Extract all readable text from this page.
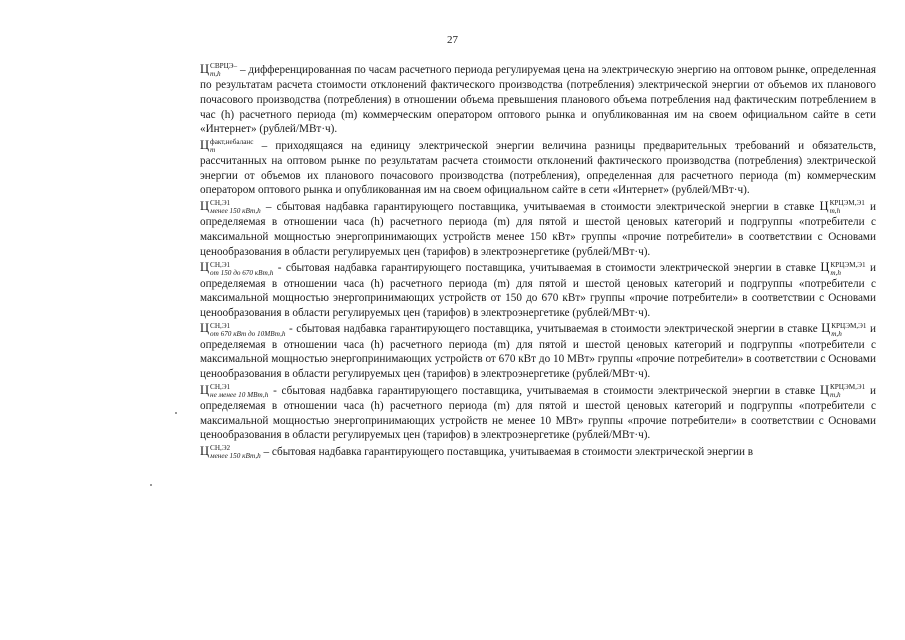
27

Ц СВРЦЭ–
m,h	– дифференцированная по часам расчетного периода регулируемая цена на электрическую энергию на оптовом рынке, определенная по результатам расчета стоимости отклонений фактического производства (потребления) электрической энергии от объемов их планового почасового производства (потребления) в отношении объема превышения планового объема потребления над фактическим потреблением в час (h) расчетного периода (m) коммерческим оператором оптового рынка и опубликованная им на своем официальном сайте в сети «Интернет» (рублей/МВт·ч).

Ц факт,небаланс
m	– приходящаяся на единицу электрической энергии величина разницы предварительных требований и обязательств, рассчитанных на оптовом рынке по результатам расчета стоимости отклонений фактического производства (потребления) электрической энергии от объемов их планового почасового производства (потребления), определенная для расчетного периода (m) коммерческим оператором оптового рынка и опубликованная им на своем официальном сайте в сети «Интернет» (рублей/МВт·ч).

Ц СН,Э1
менее 150 кВт,h – сбытовая надбавка гарантирующего поставщика, учитываемая в стоимости электрической энергии в ставке Ц КРЦЭМ,Э1
m,h	и определяемая в отношении часа (h) расчетного периода (m) для пятой и шестой ценовых категорий и подгруппы «потребители с максимальной мощностью энергопринимающих устройств менее 150 кВт» группы «прочие потребители» в соответствии с Основами ценообразования в области регулируемых цен (тарифов) в электроэнергетике (рублей/МВт·ч).

Ц СН,Э1
от 150 до 670 кВт,h - сбытовая надбавка гарантирующего поставщика, учитываемая в стоимости электрической энергии в ставке Ц КРЦЭМ,Э1
m,h	и определяемая в отношении часа (h) расчетного периода (m) для пятой и шестой ценовых категорий и подгруппы «потребители с максимальной мощностью энергопринимающих устройств от 150 до 670 кВт» группы «прочие потребители» в соответствии с Основами ценообразования в области регулируемых цен (тарифов) в электроэнергетике (рублей/МВт·ч).

Ц СН,Э1
от 670 кВт до 10МВт,h - сбытовая надбавка гарантирующего поставщика, учитываемая в стоимости электрической энергии в ставке Ц КРЦЭМ,Э1
m,h	и определяемая в отношении часа (h) расчетного периода (m) для пятой и шестой ценовых категорий и подгруппы «потребители с максимальной мощностью энергопринимающих устройств от 670 кВт до 10 МВт» группы «прочие потребители» в соответствии с Основами ценообразования в области регулируемых цен (тарифов) в электроэнергетике (рублей/МВт·ч).

Ц СН,Э1
не менее 10 МВт,h - сбытовая надбавка гарантирующего поставщика, учитываемая в стоимости электрической энергии в ставке Ц КРЦЭМ,Э1
m,h	и определяемая в отношении часа (h) расчетного периода (m) для пятой и шестой ценовых категорий и подгруппы «потребители с максимальной мощностью энергопринимающих устройств не менее 10 МВт» группы «прочие потребители» в соответствии с Основами ценообразования в области регулируемых цен (тарифов) в электроэнергетике (рублей/МВт·ч).

Ц СН,Э2
менее 150 кВт,h – сбытовая надбавка гарантирующего поставщика, учитываемая в стоимости электрической энергии в
